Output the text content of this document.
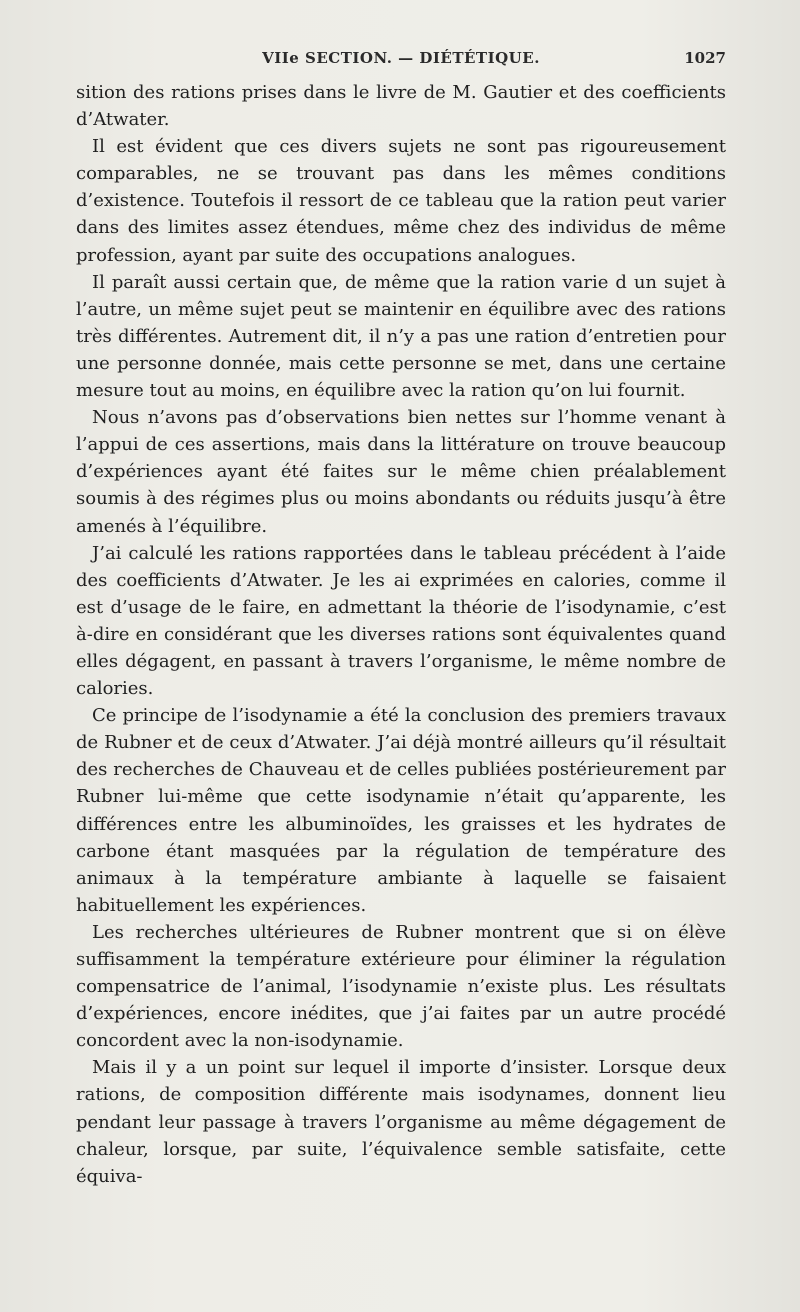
VIIe SECTION. — DIÉTÉTIQUE.	1027

sition des rations prises dans le livre de M. Gautier et des coefficients d’Atwater.

Il est évident que ces divers sujets ne sont pas rigoureusement comparables, ne se trouvant pas dans les mêmes conditions d’existence. Toutefois il ressort de ce tableau que la ration peut varier dans des limites assez étendues, même chez des individus de même profession, ayant par suite des occupations analogues.

Il paraît aussi certain que, de même que la ration varie d un sujet à l’autre, un même sujet peut se maintenir en équilibre avec des rations très différentes. Autrement dit, il n’y a pas une ration d’entretien pour une personne donnée, mais cette personne se met, dans une certaine mesure tout au moins, en équilibre avec la ration qu’on lui fournit.

Nous n’avons pas d’observations bien nettes sur l’homme venant à l’appui de ces assertions, mais dans la littérature on trouve beaucoup d’expériences ayant été faites sur le même chien préalablement soumis à des régimes plus ou moins abondants ou réduits jusqu’à être amenés à l’équilibre.

J’ai calculé les rations rapportées dans le tableau précédent à l’aide des coefficients d’Atwater. Je les ai exprimées en calories, comme il est d’usage de le faire, en admettant la théorie de l’isodynamie, c’est à-dire en considérant que les diverses rations sont équivalentes quand elles dégagent, en passant à travers l’organisme, le même nombre de calories.

Ce principe de l’isodynamie a été la conclusion des premiers travaux de Rubner et de ceux d’Atwater. J’ai déjà montré ailleurs qu’il résultait des recherches de Chauveau et de celles publiées postérieurement par Rubner lui-même que cette isodynamie n’était qu’apparente, les différences entre les albuminoïdes, les graisses et les hydrates de carbone étant masquées par la régulation de température des animaux à la température ambiante à laquelle se faisaient habituellement les expériences.

Les recherches ultérieures de Rubner montrent que si on élève suffisamment la température extérieure pour éliminer la régulation compensatrice de l’animal, l’isodynamie n’existe plus. Les résultats d’expériences, encore inédites, que j’ai faites par un autre procédé concordent avec la non-isodynamie.

Mais il y a un point sur lequel il importe d’insister. Lorsque deux rations, de composition différente mais isodynames, donnent lieu pendant leur passage à travers l’organisme au même dégagement de chaleur, lorsque, par suite, l’équivalence semble satisfaite, cette équiva-
